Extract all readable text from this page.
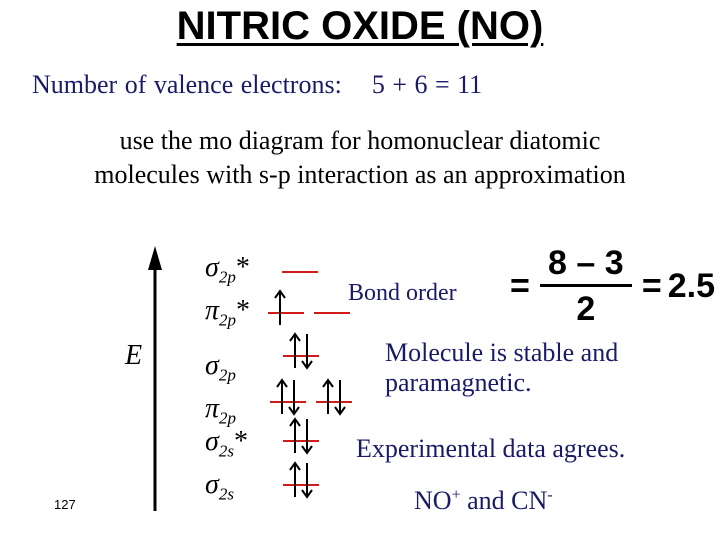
NITRIC OXIDE (NO)
Number of valence electrons: 5 + 6 = 11
use the mo diagram for homonuclear diatomic
molecules with s-p interaction as an approximation
E
$\sigma_{2p}*$
$\pi_{2p}*$
$\sigma_{2p}$
$\pi_{2p}$
$\sigma_{2s}*$
$\sigma_{2s}$
Bond order =
8 – 3
2
= 2.5
Molecule is stable and
paramagnetic.
Experimental data agrees.
NO+ and CN-
127
